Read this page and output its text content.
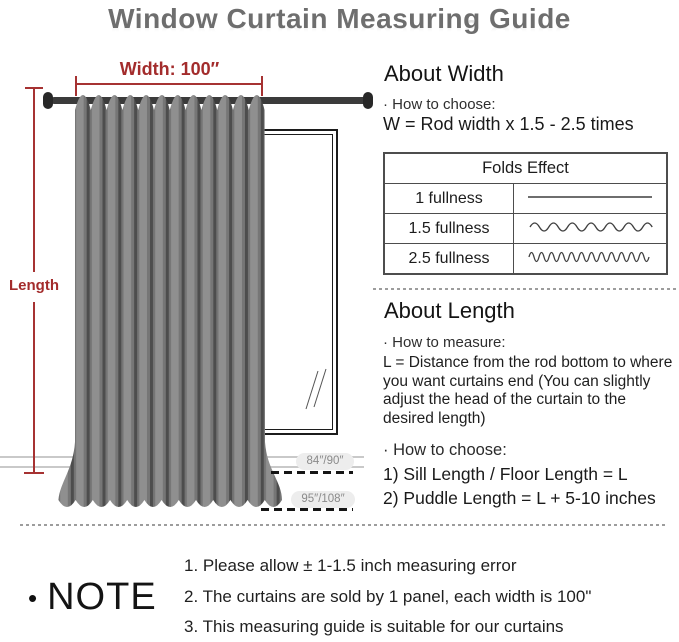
Window Curtain Measuring Guide
Width: 100″
Length
84″/90″
95″/108″
About Width
· How to choose:
W = Rod width x 1.5 - 2.5 times
Folds Effect	
1 fullness	
1.5 fullness	
2.5 fullness	
About Length
· How to measure:
L = Distance from the rod bottom to where you want curtains end (You can slightly adjust the head of the curtain to the desired length)
· How to choose:
1) Sill Length / Floor Length = L
2) Puddle Length = L + 5-10 inches
• NOTE
1. Please allow ± 1-1.5 inch measuring error
2. The curtains are sold by 1 panel, each width is 100"
3. This measuring guide is suitable for our curtains
